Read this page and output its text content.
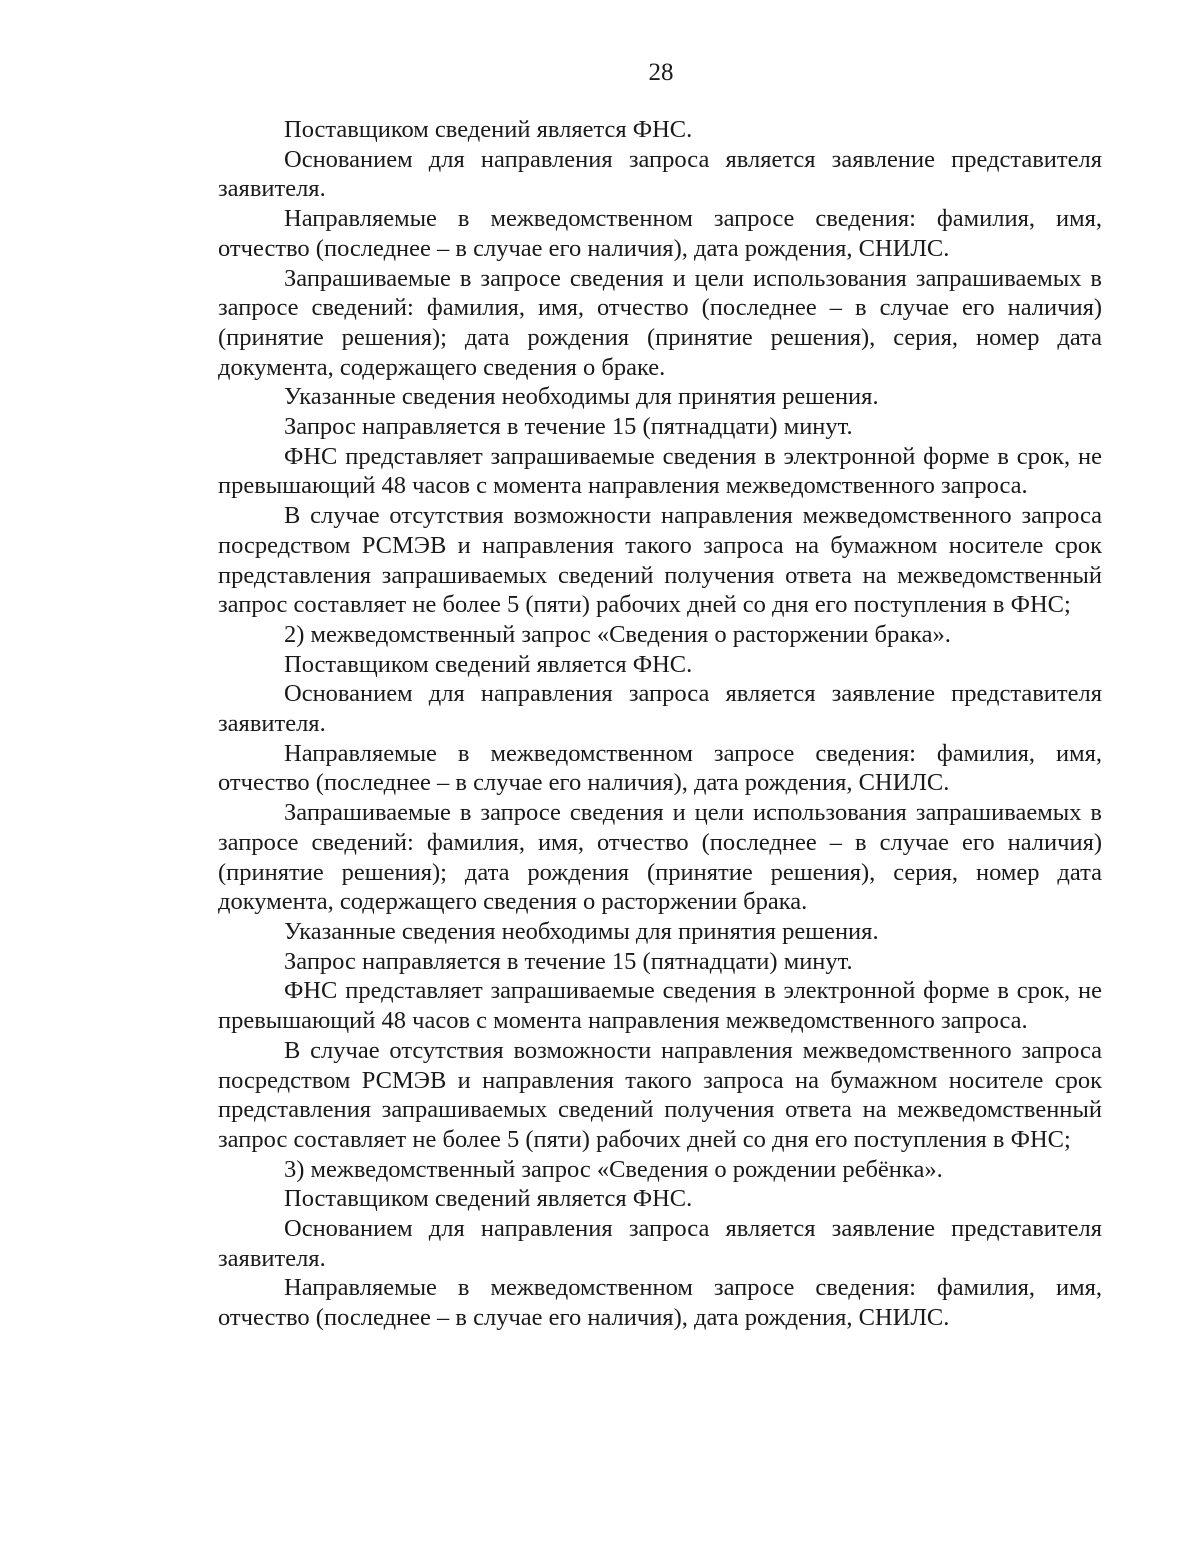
28

Поставщиком сведений является ФНС.

Основанием для направления запроса является заявление представителя заявителя.

Направляемые в межведомственном запросе сведения: фамилия, имя, отчество (последнее – в случае его наличия), дата рождения, СНИЛС.

Запрашиваемые в запросе сведения и цели использования запрашиваемых в запросе сведений: фамилия, имя, отчество (последнее – в случае его наличия) (принятие решения); дата рождения (принятие решения), серия, номер дата документа, содержащего сведения о браке.

Указанные сведения необходимы для принятия решения.

Запрос направляется в течение 15 (пятнадцати) минут.

ФНС представляет запрашиваемые сведения в электронной форме в срок, не превышающий 48 часов с момента направления межведомственного запроса.

В случае отсутствия возможности направления межведомственного запроса посредством РСМЭВ и направления такого запроса на бумажном носителе срок представления запрашиваемых сведений получения ответа на межведомственный запрос составляет не более 5 (пяти) рабочих дней со дня его поступления в ФНС;

2) межведомственный запрос «Сведения о расторжении брака».

Поставщиком сведений является ФНС.

Основанием для направления запроса является заявление представителя заявителя.

Направляемые в межведомственном запросе сведения: фамилия, имя, отчество (последнее – в случае его наличия), дата рождения, СНИЛС.

Запрашиваемые в запросе сведения и цели использования запрашиваемых в запросе сведений: фамилия, имя, отчество (последнее – в случае его наличия) (принятие решения); дата рождения (принятие решения), серия, номер дата документа, содержащего сведения о расторжении брака.

Указанные сведения необходимы для принятия решения.

Запрос направляется в течение 15 (пятнадцати) минут.

ФНС представляет запрашиваемые сведения в электронной форме в срок, не превышающий 48 часов с момента направления межведомственного запроса.

В случае отсутствия возможности направления межведомственного запроса посредством РСМЭВ и направления такого запроса на бумажном носителе срок представления запрашиваемых сведений получения ответа на межведомственный запрос составляет не более 5 (пяти) рабочих дней со дня его поступления в ФНС;

3) межведомственный запрос «Сведения о рождении ребёнка».

Поставщиком сведений является ФНС.

Основанием для направления запроса является заявление представителя заявителя.

Направляемые в межведомственном запросе сведения: фамилия, имя, отчество (последнее – в случае его наличия), дата рождения, СНИЛС.
